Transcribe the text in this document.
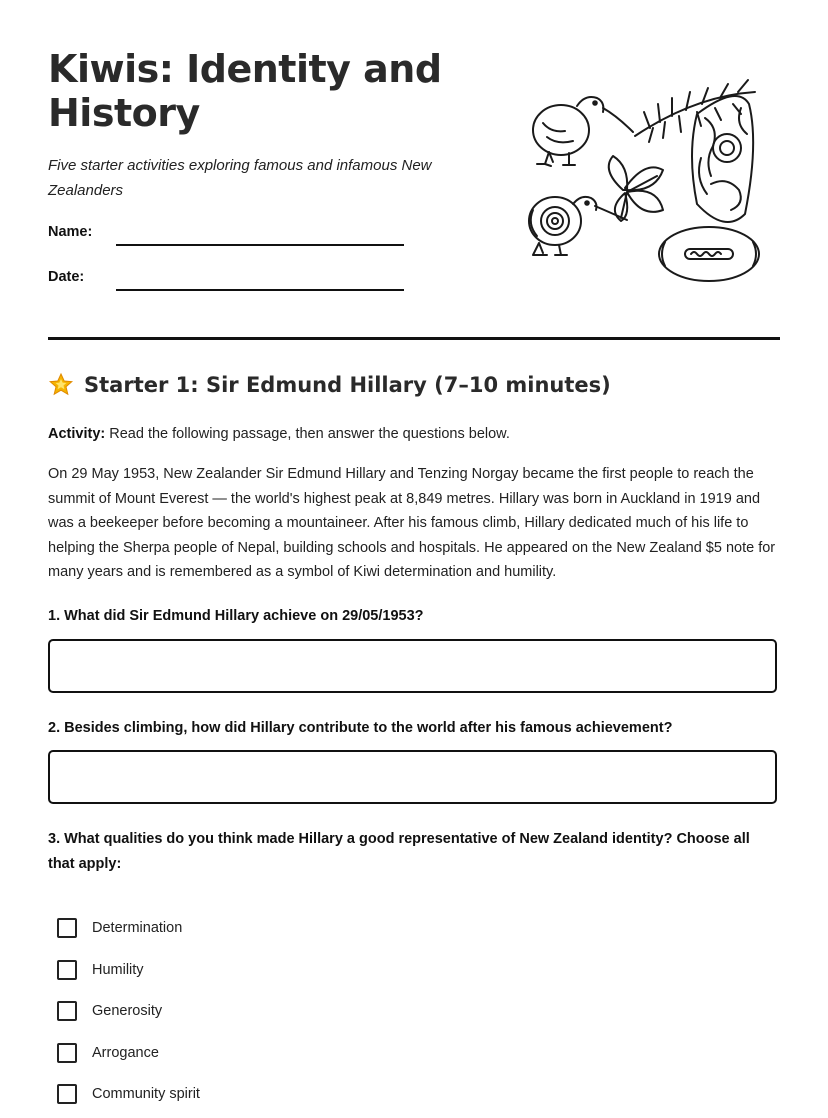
Kiwis: Identity and History

Five starter activities exploring famous and infamous New Zealanders

Name:
Date:
Starter 1: Sir Edmund Hillary (7–10 minutes)
Activity: Read the following passage, then answer the questions below.

On 29 May 1953, New Zealander Sir Edmund Hillary and Tenzing Norgay became the first people to reach the summit of Mount Everest — the world's highest peak at 8,849 metres. Hillary was born in Auckland in 1919 and was a beekeeper before becoming a mountaineer. After his famous climb, Hillary dedicated much of his life to helping the Sherpa people of Nepal, building schools and hospitals. He appeared on the New Zealand $5 note for many years and is remembered as a symbol of Kiwi determination and humility.

1. What did Sir Edmund Hillary achieve on 29/05/1953?

2. Besides climbing, how did Hillary contribute to the world after his famous achievement?

3. What qualities do you think made Hillary a good representative of New Zealand identity? Choose all that apply:

Determination
Humility
Generosity
Arrogance
Community spirit
